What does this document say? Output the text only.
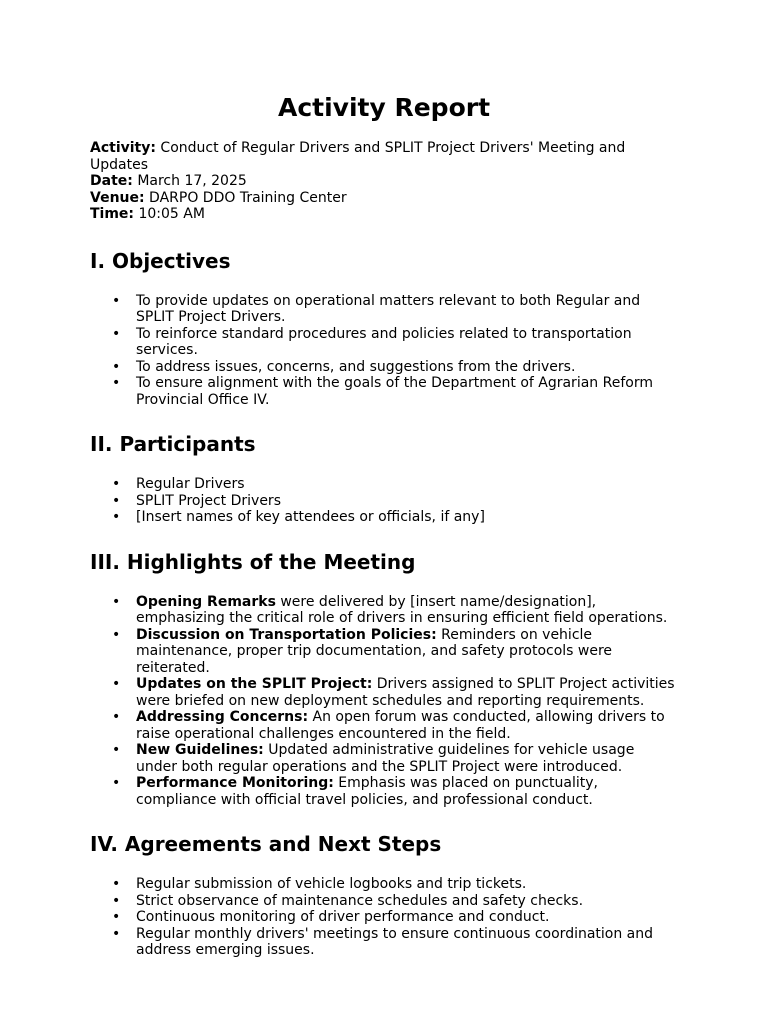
Activity Report
Activity: Conduct of Regular Drivers and SPLIT Project Drivers' Meeting and Updates
Date: March 17, 2025
Venue: DARPO DDO Training Center
Time: 10:05 AM
I. Objectives
• To provide updates on operational matters relevant to both Regular and SPLIT Project Drivers.
• To reinforce standard procedures and policies related to transportation services.
• To address issues, concerns, and suggestions from the drivers.
• To ensure alignment with the goals of the Department of Agrarian Reform Provincial Office IV.
II. Participants
• Regular Drivers
• SPLIT Project Drivers
• [Insert names of key attendees or officials, if any]
III. Highlights of the Meeting
• Opening Remarks were delivered by [insert name/designation], emphasizing the critical role of drivers in ensuring efficient field operations.
• Discussion on Transportation Policies: Reminders on vehicle maintenance, proper trip documentation, and safety protocols were reiterated.
• Updates on the SPLIT Project: Drivers assigned to SPLIT Project activities were briefed on new deployment schedules and reporting requirements.
• Addressing Concerns: An open forum was conducted, allowing drivers to raise operational challenges encountered in the field.
• New Guidelines: Updated administrative guidelines for vehicle usage under both regular operations and the SPLIT Project were introduced.
• Performance Monitoring: Emphasis was placed on punctuality, compliance with official travel policies, and professional conduct.
IV. Agreements and Next Steps
• Regular submission of vehicle logbooks and trip tickets.
• Strict observance of maintenance schedules and safety checks.
• Continuous monitoring of driver performance and conduct.
• Regular monthly drivers' meetings to ensure continuous coordination and address emerging issues.
